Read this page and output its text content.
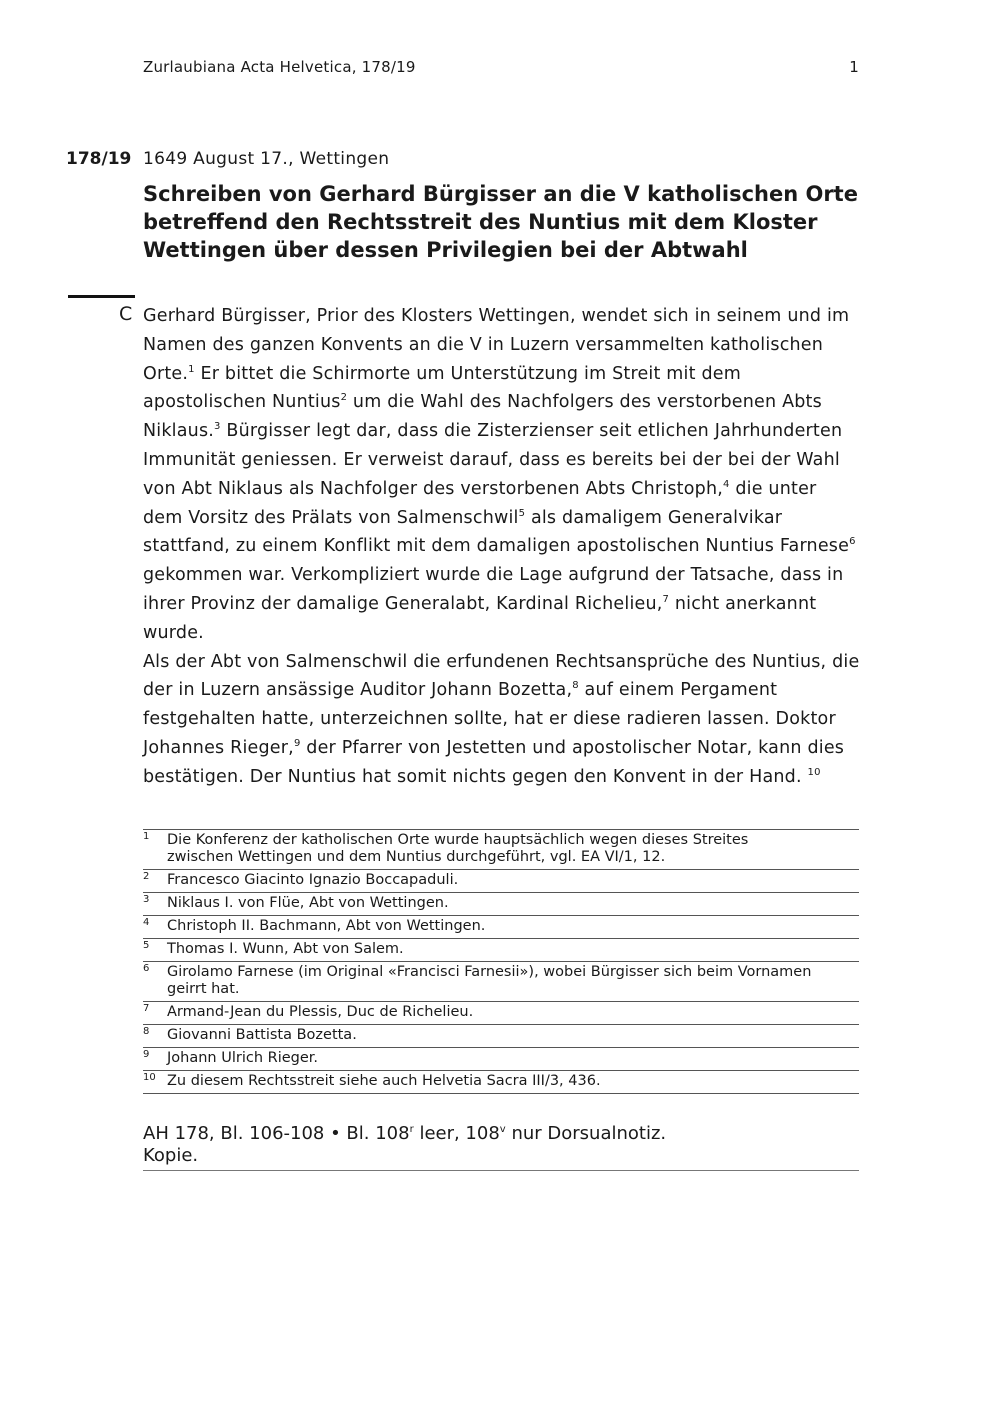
Zurlaubiana Acta Helvetica, 178/19	1
178/19 1649 August 17., Wettingen
Schreiben von Gerhard Bürgisser an die V katholischen Orte
betreffend den Rechtsstreit des Nuntius mit dem Kloster
Wettingen über dessen Privilegien bei der Abtwahl
C Gerhard Bürgisser, Prior des Klosters Wettingen, wendet sich in seinem und im
Namen des ganzen Konvents an die V in Luzern versammelten katholischen
Orte.$^1$ Er bittet die Schirmorte um Unterstützung im Streit mit dem
apostolischen Nuntius$^2$ um die Wahl des Nachfolgers des verstorbenen Abts
Niklaus.$^3$ Bürgisser legt dar, dass die Zisterzienser seit etlichen Jahrhunderten
Immunität geniessen. Er verweist darauf, dass es bereits bei der bei der Wahl
von Abt Niklaus als Nachfolger des verstorbenen Abts Christoph,$^4$ die unter
dem Vorsitz des Prälats von Salmenschwil$^5$ als damaligem Generalvikar
stattfand, zu einem Konflikt mit dem damaligen apostolischen Nuntius Farnese$^6$
gekommen war. Verkompliziert wurde die Lage aufgrund der Tatsache, dass in
ihrer Provinz der damalige Generalabt, Kardinal Richelieu,$^7$ nicht anerkannt
wurde.
Als der Abt von Salmenschwil die erfundenen Rechtsansprüche des Nuntius, die
der in Luzern ansässige Auditor Johann Bozetta,$^8$ auf einem Pergament
festgehalten hatte, unterzeichnen sollte, hat er diese radieren lassen. Doktor
Johannes Rieger,$^9$ der Pfarrer von Jestetten und apostolischer Notar, kann dies
bestätigen. Der Nuntius hat somit nichts gegen den Konvent in der Hand. $^{10}$
1 Die Konferenz der katholischen Orte wurde hauptsächlich wegen dieses Streites
zwischen Wettingen und dem Nuntius durchgeführt, vgl. EA VI/1, 12.
2 Francesco Giacinto Ignazio Boccapaduli.
3 Niklaus I. von Flüe, Abt von Wettingen.
4 Christoph II. Bachmann, Abt von Wettingen.
5 Thomas I. Wunn, Abt von Salem.
6 Girolamo Farnese (im Original «Francisci Farnesii»), wobei Bürgisser sich beim Vornamen
geirrt hat.
7 Armand-Jean du Plessis, Duc de Richelieu.
8 Giovanni Battista Bozetta.
9 Johann Ulrich Rieger.
10 Zu diesem Rechtsstreit siehe auch Helvetia Sacra III/3, 436.
AH 178, Bl. 106-108 • Bl. 108$^r$ leer, 108$^v$ nur Dorsualnotiz.
Kopie.
